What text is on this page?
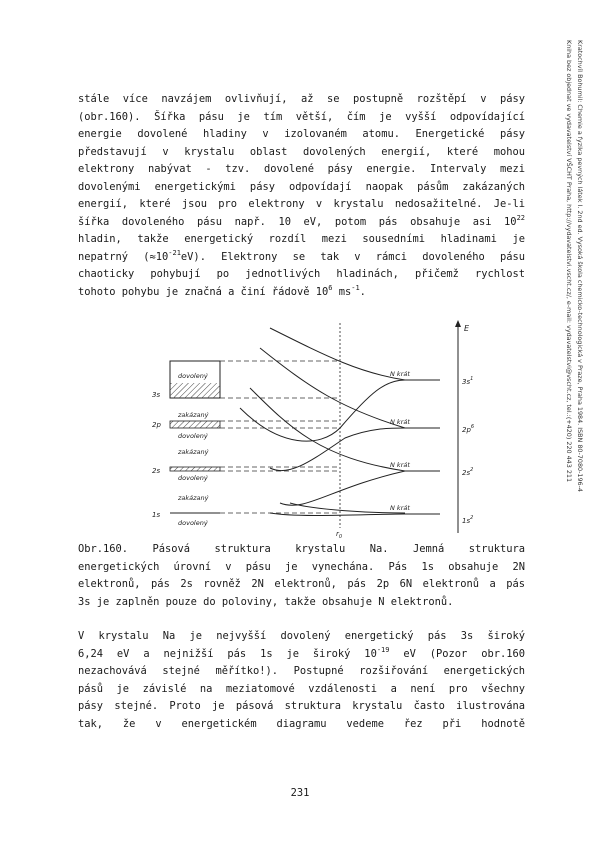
stále více navzájem ovlivňují, až se postupně rozštěpí v pásy
(obr.160). Šířka pásu je tím větší, čím je vyšší odpovídající
energie dovolené hladiny v izolovaném atomu. Energetické pásy
představují v krystalu oblast dovolených energií, které mohou
elektrony nabývat - tzv. dovolené pásy energie. Intervaly mezi
dovolenými energetickými pásy odpovídají naopak pásům zakázaných
energií, které jsou pro elektrony v krystalu nedosažitelné. Je-li
šířka dovoleného pásu např. 10 eV, potom pás obsahuje asi $10^{22}$
hladin, takže energetický rozdíl mezi sousedními hladinami je
nepatrný $(\approx 10^{-21}eV)$. Elektrony se tak v rámci dovoleného pásu
chaoticky pohybují po jednotlivých hladinách, přičemž rychlost
tohoto pohybu je značná a činí řádově $10^6$ $ms^{-1}$.	Kratochvíl Bohumil: Chemie a fyzika pevných látek I. 2nd ed. Vysoká škola chemicko-technologická v Praze, Praha 1984. ISBN 80-7080-196-4
Kniha bez objednat ve vydavatelství VŠCHT Praha, http://vydavatelstvi.vscht.cz/, e-mail: vydavatelstvi@vscht.cz, tel.:(+420) 220 443 211
E
3s
2p
2s
1s
dovolený
zakázaný
dovolený
zakázaný
dovolený
zakázaný
dovolený
$r_0$
N krát
N krát
N krát
N krát
$3s^1$
$2p^6$
$2s^2$
$1s^2$
Obr.160. Pásová struktura krystalu Na. Jemná struktura
energetických úrovní v pásu je vynechána. Pás 1s obsahuje 2N
elektronů, pás 2s rovněž 2N elektronů, pás 2p 6N elektronů a pás
3s je zaplněn pouze do poloviny, takže obsahuje N elektronů.
V krystalu Na je nejvyšší dovolený energetický pás 3s široký
6,24 eV a nejnižší pás 1s je široký $10^{-19}$ eV (Pozor obr.160
nezachovává stejné měřítko!). Postupné rozšiřování energetických
pásů je závislé na meziatomové vzdálenosti a není pro všechny
pásy stejné. Proto je pásová struktura krystalu často ilustrována
tak, že v energetickém diagramu vedeme řez při hodnotě
231
